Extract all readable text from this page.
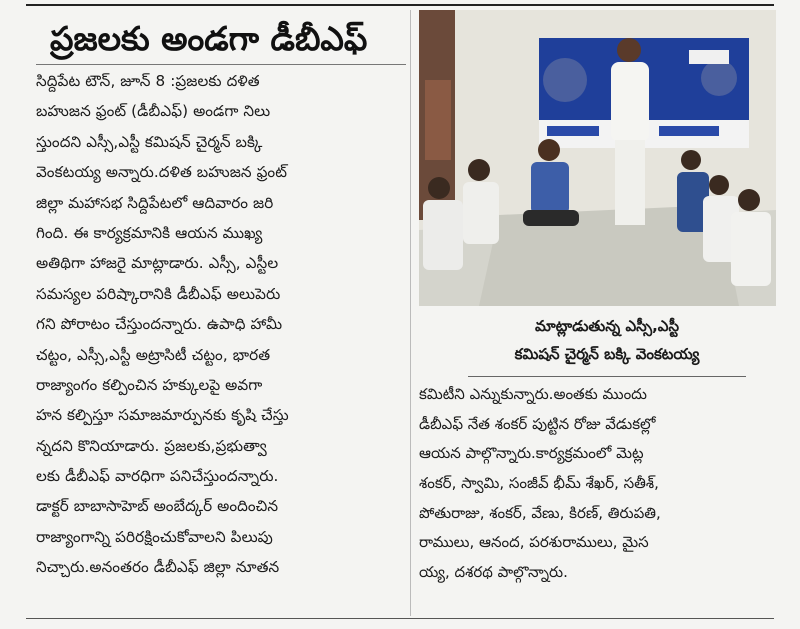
ప్రజలకు అండగా డీబీఎఫ్
సిద్దిపేట టౌన్, జూన్ 8 :ప్రజలకు దళిత
బహుజన ఫ్రంట్ (డీబీఎఫ్) అండగా నిలు
స్తుందని ఎస్సీ,ఎస్టీ కమిషన్ చైర్మన్ బక్కి
వెంకటయ్య అన్నారు.దళిత బహుజన ఫ్రంట్
జిల్లా మహాసభ సిద్దిపేటలో ఆదివారం జరి
గింది. ఈ కార్యక్రమానికి ఆయన ముఖ్య
అతిథిగా హాజరై మాట్లాడారు. ఎస్సీ, ఎస్టీల
సమస్యల పరిష్కారానికి డీబీఎఫ్ అలుపెరు
గని పోరాటం చేస్తుందన్నారు. ఉపాధి హామీ
చట్టం, ఎస్సీ,ఎస్టీ అట్రాసిటీ చట్టం, భారత
రాజ్యాంగం కల్పించిన హక్కులపై అవగా
హన కల్పిస్తూ సమాజమార్పునకు కృషి చేస్తు
న్నదని కొనియాడారు. ప్రజలకు,ప్రభుత్వా
లకు డీబీఎఫ్ వారధిగా పనిచేస్తుందన్నారు.
డాక్టర్ బాబాసాహెబ్ అంబేద్కర్ అందించిన
రాజ్యాంగాన్ని పరిరక్షించుకోవాలని పిలుపు
నిచ్చారు.అనంతరం డీబీఎఫ్ జిల్లా నూతన
మాట్లాడుతున్న ఎస్సీ,ఎస్టీ
కమిషన్ చైర్మన్ బక్కి వెంకటయ్య
కమిటీని ఎన్నుకున్నారు.అంతకు ముందు
డీబీఎఫ్ నేత శంకర్ పుట్టిన రోజు వేడుకల్లో
ఆయన పాల్గొన్నారు.కార్యక్రమంలో మెట్ల
శంకర్, స్వామి, సంజీవ్ భీమ్ శేఖర్, సతీశ్,
పోతురాజు, శంకర్, వేణు, కిరణ్, తిరుపతి,
రాములు, ఆనంద, పరశురాములు, మైస
య్య, దశరథ పాల్గొన్నారు.
